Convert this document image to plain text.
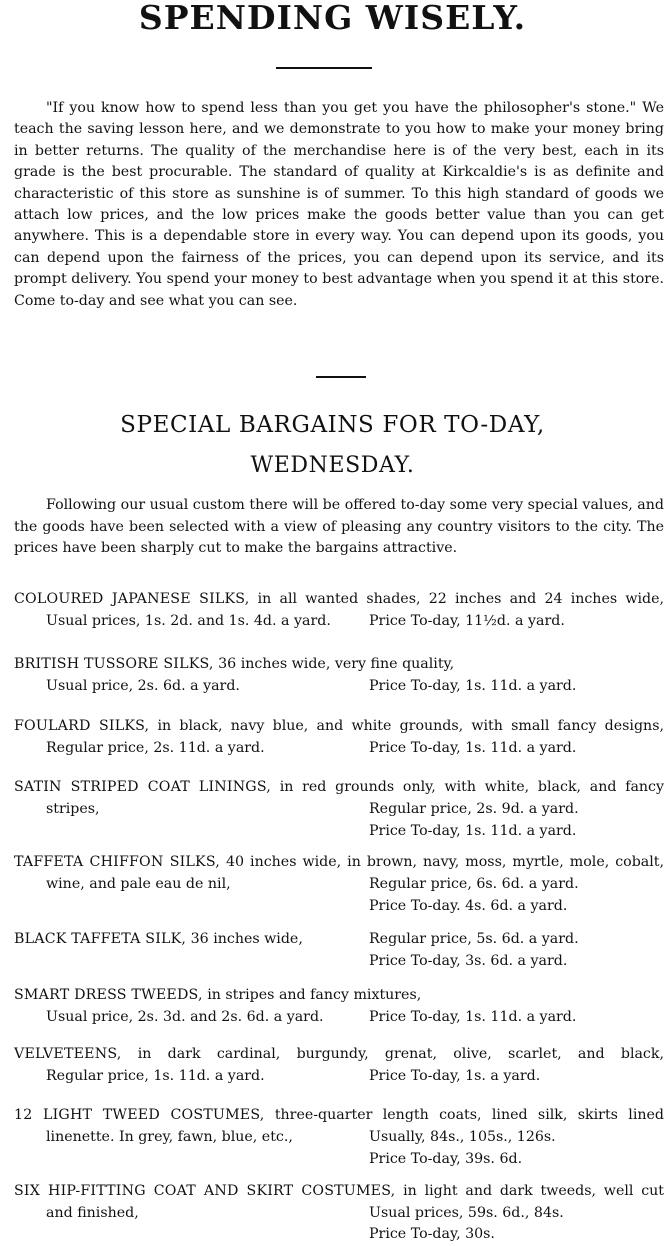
SPENDING WISELY.

"If you know how to spend less than you get you have the philosopher's stone." We teach the saving lesson here, and we demonstrate to you how to make your money bring in better returns. The quality of the merchandise here is of the very best, each in its grade is the best procurable. The standard of quality at Kirkcaldie's is as definite and characteristic of this store as sunshine is of summer. To this high standard of goods we attach low prices, and the low prices make the goods better value than you can get anywhere. This is a dependable store in every way. You can depend upon its goods, you can depend upon the fairness of the prices, you can depend upon its service, and its prompt delivery. You spend your money to best advantage when you spend it at this store. Come to-day and see what you can see.

SPECIAL BARGAINS FOR TO-DAY,
WEDNESDAY.

Following our usual custom there will be offered to-day some very special values, and the goods have been selected with a view of pleasing any country visitors to the city. The prices have been sharply cut to make the bargains attractive.

COLOURED JAPANESE SILKS, in all wanted shades, 22 inches and 24 inches wide,
Usual prices, 1s. 2d. and 1s. 4d. a yard.	Price To-day, 11½d. a yard.
BRITISH TUSSORE SILKS, 36 inches wide, very fine quality,
Usual price, 2s. 6d. a yard.	Price To-day, 1s. 11d. a yard.
FOULARD SILKS, in black, navy blue, and white grounds, with small fancy designs,
Regular price, 2s. 11d. a yard.	Price To-day, 1s. 11d. a yard.
SATIN STRIPED COAT LININGS, in red grounds only, with white, black, and fancy
stripes,	Regular price, 2s. 9d. a yard.
Price To-day, 1s. 11d. a yard.
TAFFETA CHIFFON SILKS, 40 inches wide, in brown, navy, moss, myrtle, mole, cobalt,
wine, and pale eau de nil,	Regular price, 6s. 6d. a yard.
Price To-day. 4s. 6d. a yard.
BLACK TAFFETA SILK, 36 inches wide,	Regular price, 5s. 6d. a yard.
Price To-day, 3s. 6d. a yard.
SMART DRESS TWEEDS, in stripes and fancy mixtures,
Usual price, 2s. 3d. and 2s. 6d. a yard.	Price To-day, 1s. 11d. a yard.
VELVETEENS, in dark cardinal, burgundy, grenat, olive, scarlet, and black,
Regular price, 1s. 11d. a yard.	Price To-day, 1s. a yard.
12 LIGHT TWEED COSTUMES, three-quarter length coats, lined silk, skirts lined
linenette. In grey, fawn, blue, etc.,	Usually, 84s., 105s., 126s.
Price To-day, 39s. 6d.
SIX HIP-FITTING COAT AND SKIRT COSTUMES, in light and dark tweeds, well cut
and finished,	Usual prices, 59s. 6d., 84s.
Price To-day, 30s.
